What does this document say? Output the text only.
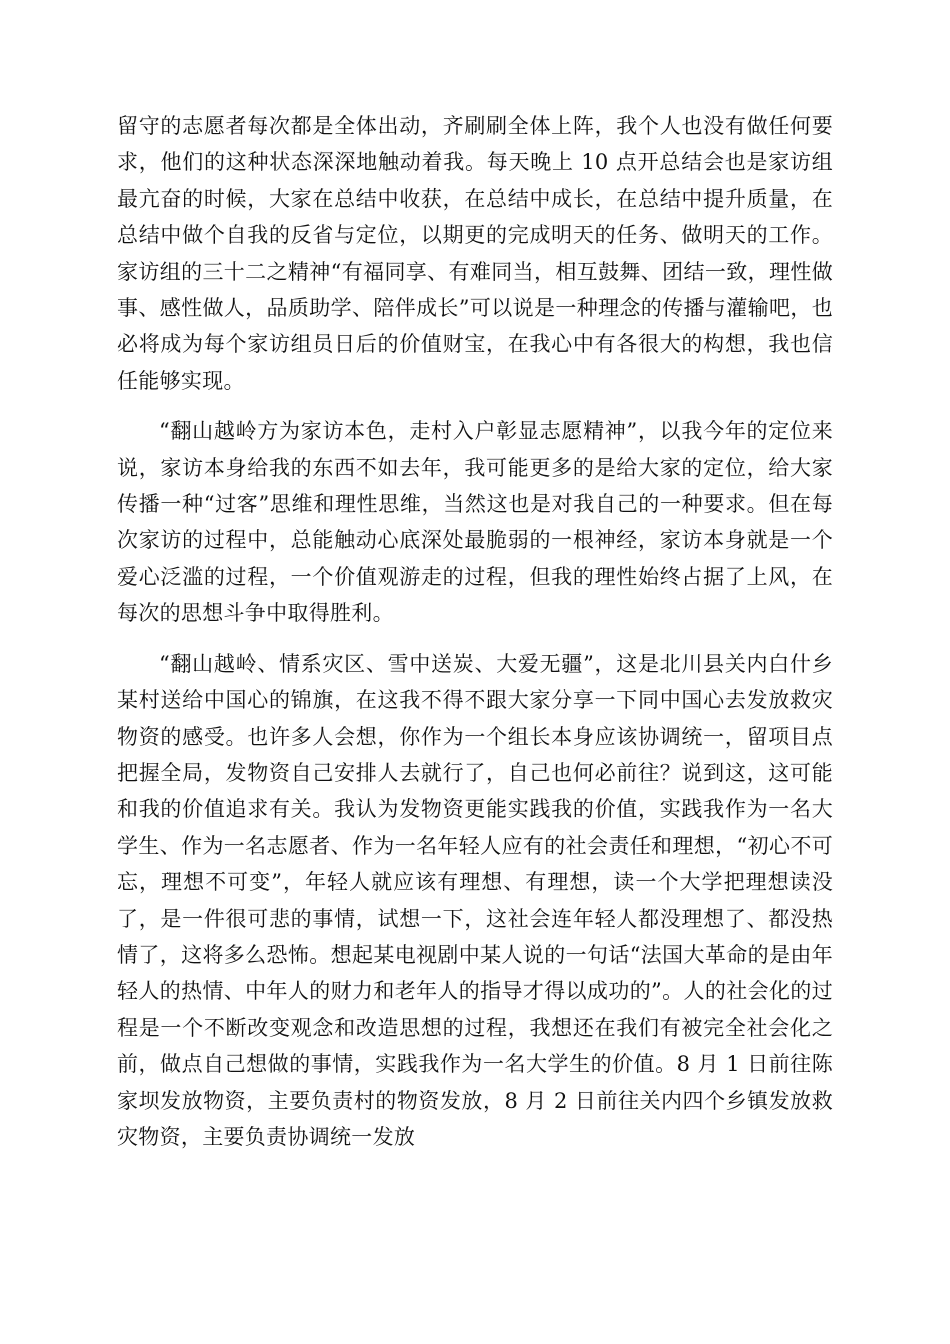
留守的志愿者每次都是全体出动，齐刷刷全体上阵，我个人也没有做任何要求，他们的这种状态深深地触动着我。每天晚上 10 点开总结会也是家访组最亢奋的时候，大家在总结中收获，在总结中成长，在总结中提升质量，在总结中做个自我的反省与定位，以期更的完成明天的任务、做明天的工作。家访组的三十二之精神“有福同享、有难同当，相互鼓舞、团结一致，理性做事、感性做人，品质助学、陪伴成长”可以说是一种理念的传播与灌输吧，也必将成为每个家访组员日后的价值财宝，在我心中有各很大的构想，我也信任能够实现。

“翻山越岭方为家访本色，走村入户彰显志愿精神”，以我今年的定位来说，家访本身给我的东西不如去年，我可能更多的是给大家的定位，给大家传播一种“过客”思维和理性思维，当然这也是对我自己的一种要求。但在每次家访的过程中，总能触动心底深处最脆弱的一根神经，家访本身就是一个爱心泛滥的过程，一个价值观游走的过程，但我的理性始终占据了上风，在每次的思想斗争中取得胜利。

“翻山越岭、情系灾区、雪中送炭、大爱无疆”，这是北川县关内白什乡某村送给中国心的锦旗，在这我不得不跟大家分享一下同中国心去发放救灾物资的感受。也许多人会想，你作为一个组长本身应该协调统一，留项目点把握全局，发物资自己安排人去就行了，自己也何必前往？说到这，这可能和我的价值追求有关。我认为发物资更能实践我的价值，实践我作为一名大学生、作为一名志愿者、作为一名年轻人应有的社会责任和理想，“初心不可忘，理想不可变”，年轻人就应该有理想、有理想，读一个大学把理想读没了，是一件很可悲的事情，试想一下，这社会连年轻人都没理想了、都没热情了，这将多么恐怖。想起某电视剧中某人说的一句话“法国大革命的是由年轻人的热情、中年人的财力和老年人的指导才得以成功的”。人的社会化的过程是一个不断改变观念和改造思想的过程，我想还在我们有被完全社会化之前，做点自己想做的事情，实践我作为一名大学生的价值。8 月 1 日前往陈家坝发放物资，主要负责村的物资发放，8 月 2 日前往关内四个乡镇发放救灾物资，主要负责协调统一发放
